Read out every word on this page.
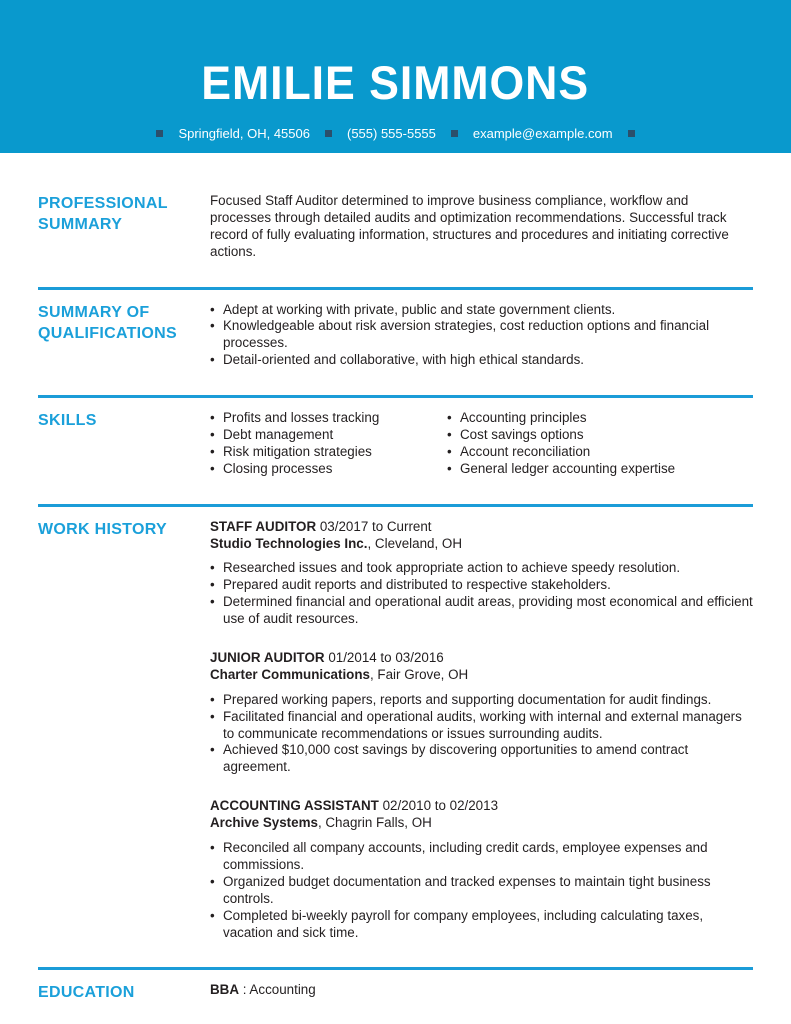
EMILIE SIMMONS
Springfield, OH, 45506	(555) 555-5555	example@example.com
PROFESSIONAL SUMMARY

Focused Staff Auditor determined to improve business compliance, workflow and processes through detailed audits and optimization recommendations. Successful track record of fully evaluating information, structures and procedures and initiating corrective actions.

SUMMARY OF QUALIFICATIONS
• Adept at working with private, public and state government clients.
• Knowledgeable about risk aversion strategies, cost reduction options and financial processes.
• Detail-oriented and collaborative, with high ethical standards.
SKILLS	• Profits and losses tracking
• Debt management
• Risk mitigation strategies
• Closing processes
• Accounting principles
• Cost savings options
• Account reconciliation
• General ledger accounting expertise
WORK HISTORY	STAFF AUDITOR 03/2017 to Current

Studio Technologies Inc., Cleveland, OH

• Researched issues and took appropriate action to achieve speedy resolution.
• Prepared audit reports and distributed to respective stakeholders.
• Determined financial and operational audit areas, providing most economical and efficient use of audit resources.

JUNIOR AUDITOR 01/2014 to 03/2016

Charter Communications, Fair Grove, OH

• Prepared working papers, reports and supporting documentation for audit findings.
• Facilitated financial and operational audits, working with internal and external managers to communicate recommendations or issues surrounding audits.
• Achieved $10,000 cost savings by discovering opportunities to amend contract agreement.

ACCOUNTING ASSISTANT 02/2010 to 02/2013

Archive Systems, Chagrin Falls, OH

• Reconciled all company accounts, including credit cards, employee expenses and commissions.
• Organized budget documentation and tracked expenses to maintain tight business controls.
• Completed bi-weekly payroll for company employees, including calculating taxes, vacation and sick time.
EDUCATION	BBA : Accounting
